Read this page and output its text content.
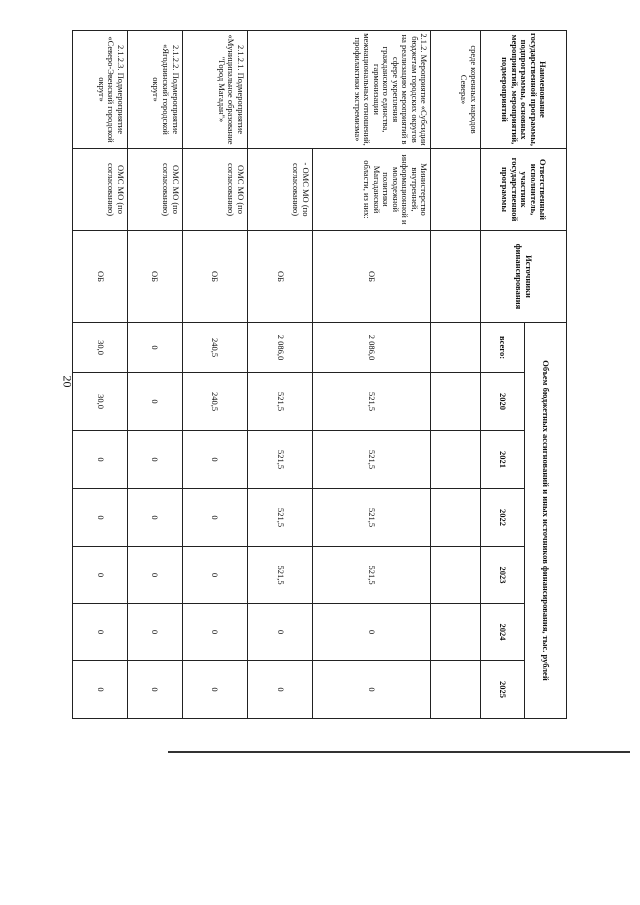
20
Наименование государственной программы, подпрограммы, основных мероприятий, мероприятий, подмероприятий	Ответственный исполнитель, участник государственной программы	Источники финансирования	Объем бюджетных ассигнований и иных источников финансирования, тыс. рублей						
			всего:	2020	2021	2022	2023	2024	2025
среде коренных народов Севера»									
2.1.2. Мероприятие «Субсидии бюджетам городских округов на реализацию мероприятий в сфере укрепления гражданского единства, гармонизации межнациональных отношений, профилактики экстремизма»	Министерство внутренней, информационной и молодежной политики Магаданской области, из них:	ОБ	2 086,0	521,5	521,5	521,5	521,5	0	0
	- ОМС МО (по согласованию)	ОБ	2 086,0	521,5	521,5	521,5	521,5	0	0
2.1.2.1. Подмероприятие «Муниципальное образование "Город Магадан"»	ОМС МО (по согласованию)	ОБ	240,5	240,5	0	0	0	0	0
2.1.2.2. Подмероприятие «Ягоднинский городской округ»	ОМС МО (по согласованию)	ОБ	0	0	0	0	0	0	0
2.1.2.3. Подмероприятие «Северо-Эвенский городской округ»	ОМС МО (по согласованию)	ОБ	30,0	30,0	0	0	0	0	0
